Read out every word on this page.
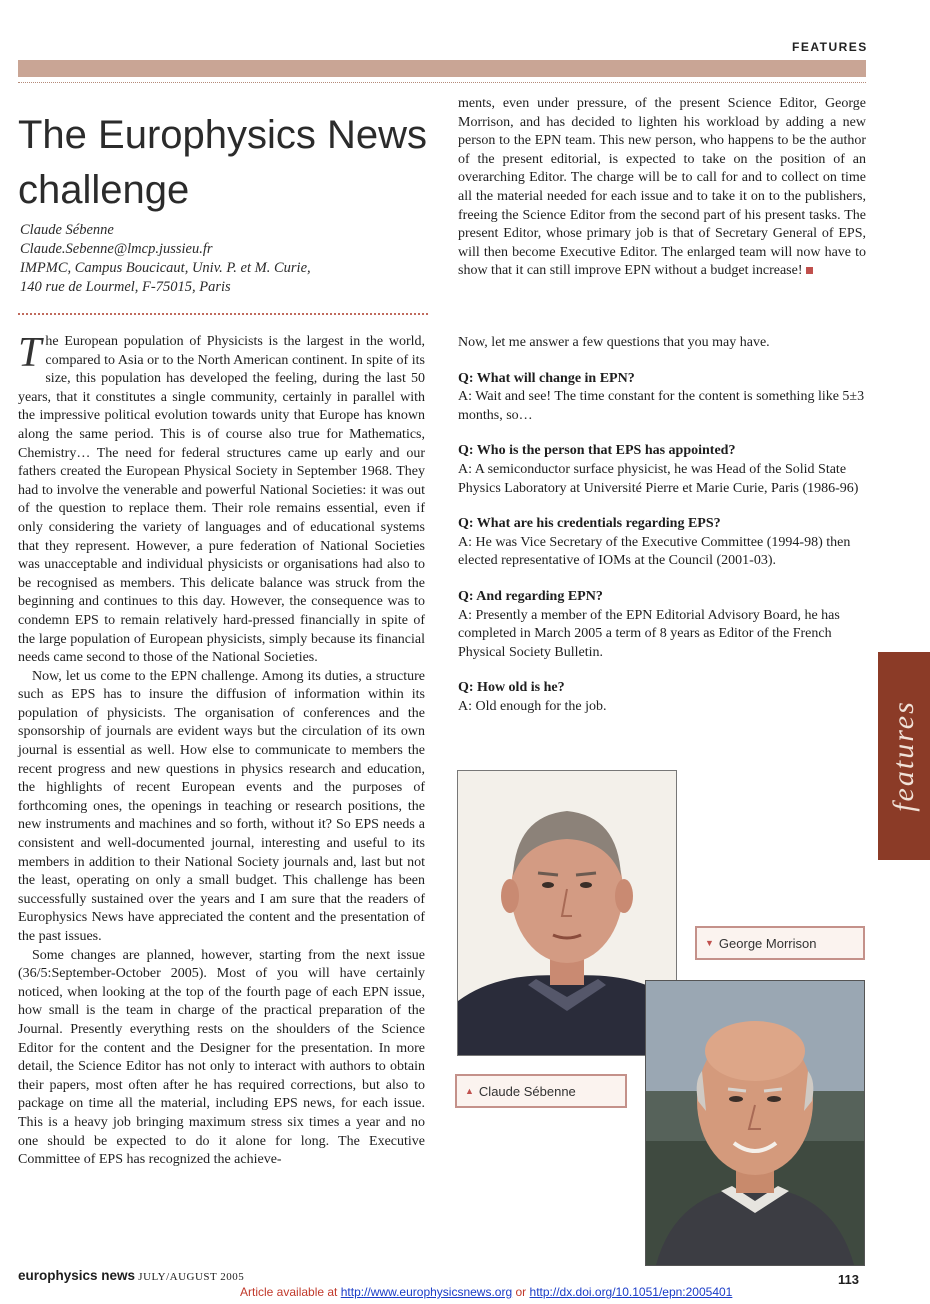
FEATURES
The Europhysics News challenge
Claude Sébenne
Claude.Sebenne@lmcp.jussieu.fr
IMPMC, Campus Boucicaut, Univ. P. et M. Curie,
140 rue de Lourmel, F-75015, Paris

The European population of Physicists is the largest in the world, compared to Asia or to the North American continent. In spite of its size, this population has developed the feeling, during the last 50 years, that it constitutes a single community, certainly in parallel with the impressive political evolution towards unity that Europe has known along the same period. This is of course also true for Mathematics, Chemistry… The need for federal structures came up early and our fathers created the European Physical Society in September 1968. They had to involve the venerable and powerful National Societies: it was out of the question to replace them. Their role remains essential, even if only considering the variety of languages and of educational systems that they represent. However, a pure federation of National Societies was unacceptable and individual physicists or organisations had also to be recognised as members. This delicate balance was struck from the beginning and continues to this day. However, the consequence was to condemn EPS to remain relatively hard-pressed financially in spite of the large population of European physicists, simply because its financial needs came second to those of the National Societies.

Now, let us come to the EPN challenge. Among its duties, a structure such as EPS has to insure the diffusion of information within its population of physicists. The organisation of conferences and the sponsorship of journals are evident ways but the circulation of its own journal is essential as well. How else to communicate to members the recent progress and new questions in physics research and education, the highlights of recent European events and the purposes of forthcoming ones, the openings in teaching or research positions, the new instruments and machines and so forth, without it? So EPS needs a consistent and well-documented journal, interesting and useful to its members in addition to their National Society journals and, last but not the least, operating on only a small budget. This challenge has been successfully sustained over the years and I am sure that the readers of Europhysics News have appreciated the content and the presentation of the past issues.

Some changes are planned, however, starting from the next issue (36/5:September-October 2005). Most of you will have certainly noticed, when looking at the top of the fourth page of each EPN issue, how small is the team in charge of the practical preparation of the Journal. Presently everything rests on the shoulders of the Science Editor for the content and the Designer for the presentation. In more detail, the Science Editor has not only to interact with authors to obtain their papers, most often after he has required corrections, but also to package on time all the material, including EPS news, for each issue. This is a heavy job bringing maximum stress six times a year and no one should be expected to do it alone for long. The Executive Committee of EPS has recognized the achieve-

ments, even under pressure, of the present Science Editor, George Morrison, and has decided to lighten his workload by adding a new person to the EPN team. This new person, who happens to be the author of the present editorial, is expected to take on the position of an overarching Editor. The charge will be to call for and to collect on time all the material needed for each issue and to take it on to the publishers, freeing the Science Editor from the second part of his present tasks. The present Editor, whose primary job is that of Secretary General of EPS, will then become Executive Editor. The enlarged team will now have to show that it can still improve EPN without a budget increase!

Now, let me answer a few questions that you may have.

Q: What will change in EPN?

A: Wait and see! The time constant for the content is something like 5±3 months, so…

Q: Who is the person that EPS has appointed?

A: A semiconductor surface physicist, he was Head of the Solid State Physics Laboratory at Université Pierre et Marie Curie, Paris (1986-96)

Q: What are his credentials regarding EPS?

A: He was Vice Secretary of the Executive Committee (1994-98) then elected representative of IOMs at the Council (2001-03).

Q: And regarding EPN?

A: Presently a member of the EPN Editorial Advisory Board, he has completed in March 2005 a term of 8 years as Editor of the French Physical Society Bulletin.

Q: How old is he?

A: Old enough for the job.	features
▼ George Morrison
▲ Claude Sébenne
europhysics news JULY/AUGUST 2005	113
Article available at http://www.europhysicsnews.org or http://dx.doi.org/10.1051/epn:2005401
